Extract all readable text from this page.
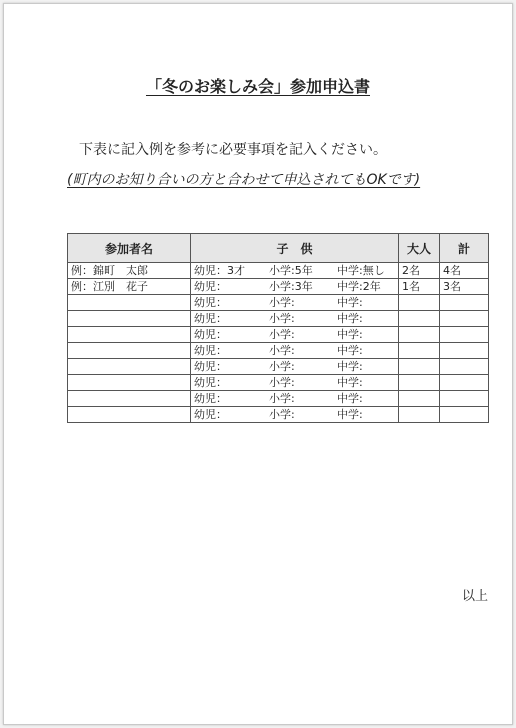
「冬のお楽しみ会」参加申込書
下表に記入例を参考に必要事項を記入ください。
(町内のお知り合いの方と合わせて申込されてもOKです)
参加者名	子　供	大人	計
例：錦町　太郎	幼児：3才 小学:5年 中学:無し	2名	4名
例：江別　花子	幼児： 小学:3年 中学:2年	1名	3名

	幼児： 小学: 中学:		

	幼児： 小学: 中学:		

	幼児： 小学: 中学:		

	幼児： 小学: 中学:		

	幼児： 小学: 中学:		

	幼児： 小学: 中学:		

	幼児： 小学: 中学:		

	幼児： 小学: 中学:		

以上
